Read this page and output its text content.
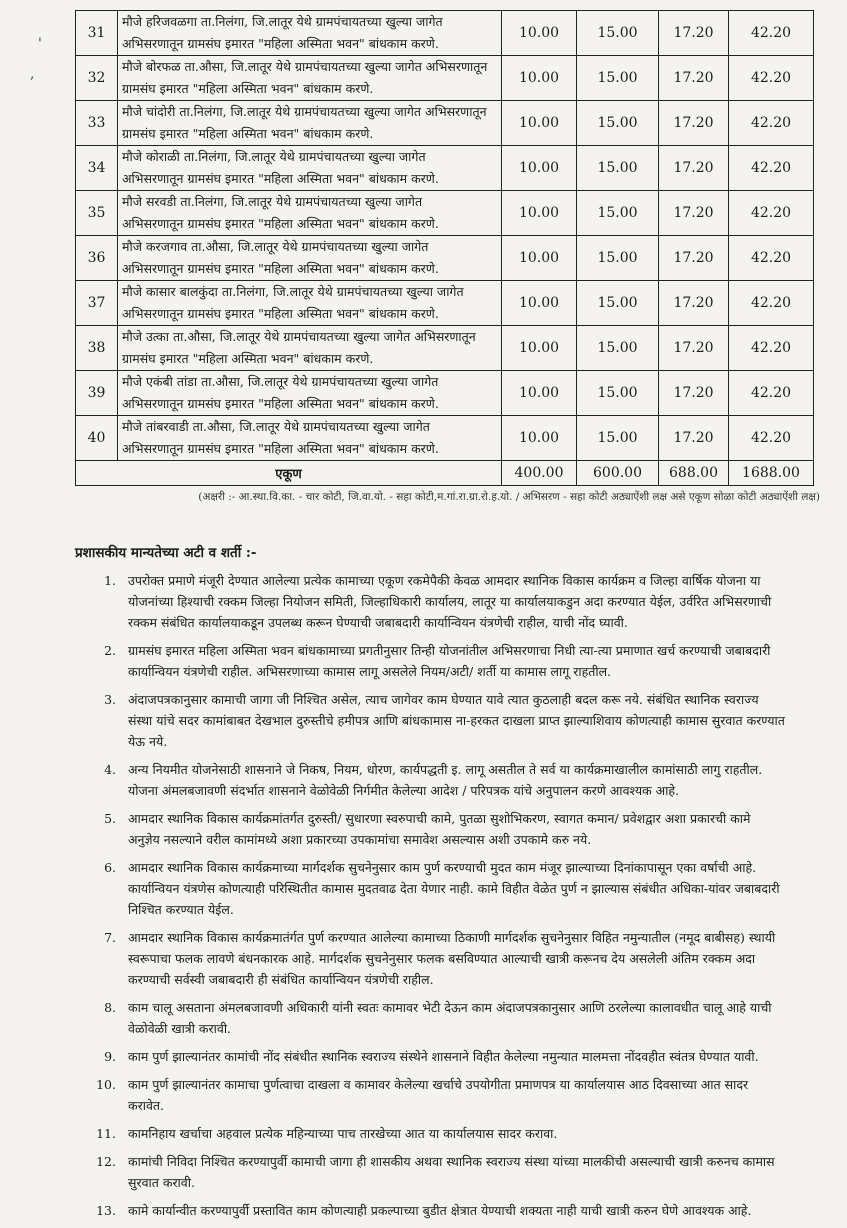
'
,
31	मौजे हरिजवळगा ता.निलंगा, जि.लातूर येथे ग्रामपंचायतच्या खुल्या जागेत
अभिसरणातून ग्रामसंघ इमारत "महिला अस्मिता भवन" बांधकाम करणे.	10.00	15.00	17.20	42.20
32	मौजे बोरफळ ता.औसा, जि.लातूर येथे ग्रामपंचायतच्या खुल्या जागेत अभिसरणातून
ग्रामसंघ इमारत "महिला अस्मिता भवन" बांधकाम करणे.	10.00	15.00	17.20	42.20
33	मौजे चांदोरी ता.निलंगा, जि.लातूर येथे ग्रामपंचायतच्या खुल्या जागेत अभिसरणातून
ग्रामसंघ इमारत "महिला अस्मिता भवन" बांधकाम करणे.	10.00	15.00	17.20	42.20
34	मौजे कोराळी ता.निलंगा, जि.लातूर येथे ग्रामपंचायतच्या खुल्या जागेत
अभिसरणातून ग्रामसंघ इमारत "महिला अस्मिता भवन" बांधकाम करणे.	10.00	15.00	17.20	42.20
35	मौजे सरवडी ता.निलंगा, जि.लातूर येथे ग्रामपंचायतच्या खुल्या जागेत
अभिसरणातून ग्रामसंघ इमारत "महिला अस्मिता भवन" बांधकाम करणे.	10.00	15.00	17.20	42.20
36	मौजे करजगाव ता.औसा, जि.लातूर येथे ग्रामपंचायतच्या खुल्या जागेत
अभिसरणातून ग्रामसंघ इमारत "महिला अस्मिता भवन" बांधकाम करणे.	10.00	15.00	17.20	42.20
37	मौजे कासार बालकुंदा ता.निलंगा, जि.लातूर येथे ग्रामपंचायतच्या खुल्या जागेत
अभिसरणातून ग्रामसंघ इमारत "महिला अस्मिता भवन" बांधकाम करणे.	10.00	15.00	17.20	42.20
38	मौजे उत्का ता.औसा, जि.लातूर येथे ग्रामपंचायतच्या खुल्या जागेत अभिसरणातून
ग्रामसंघ इमारत "महिला अस्मिता भवन" बांधकाम करणे.	10.00	15.00	17.20	42.20
39	मौजे एकंबी तांडा ता.औसा, जि.लातूर येथे ग्रामपंचायतच्या खुल्या जागेत
अभिसरणातून ग्रामसंघ इमारत "महिला अस्मिता भवन" बांधकाम करणे.	10.00	15.00	17.20	42.20
40	मौजे तांबरवाडी ता.औसा, जि.लातूर येथे ग्रामपंचायतच्या खुल्या जागेत
अभिसरणातून ग्रामसंघ इमारत "महिला अस्मिता भवन" बांधकाम करणे.	10.00	15.00	17.20	42.20
एकूण		400.00	600.00	688.00	1688.00
(अक्षरी :- आ.स्था.वि.का. - चार कोटी, जि.वा.यो. - सहा कोटी,म.गां.रा.ग्रा.रो.ह.यो. / अभिसरण - सहा कोटी अठ्याऐंशी लक्ष असे एकूण सोळा कोटी अठ्याऐंशी लक्ष)
प्रशासकीय मान्यतेच्या अटी व शर्ती :-
1. उपरोक्त प्रमाणे मंजूरी देण्यात आलेल्या प्रत्येक कामाच्या एकूण रकमेपैकी केवळ आमदार स्थानिक विकास कार्यक्रम व जिल्हा वार्षिक योजना या
योजनांच्या हिश्याची रक्कम जिल्हा नियोजन समिती, जिल्हाधिकारी कार्यालय, लातूर या कार्यालयाकडुन अदा करण्यात येईल, उर्वरित अभिसरणाची
रक्कम संबंधित कार्यालयाकडून उपलब्ध करून घेण्याची जबाबदारी कार्यान्वियन यंत्रणेची राहील, याची नोंद घ्यावी.
2. ग्रामसंघ इमारत महिला अस्मिता भवन बांधकामाच्या प्रगतीनुसार तिन्ही योजनांतील अभिसरणाचा निधी त्या-त्या प्रमाणात खर्च करण्याची जबाबदारी
कार्यान्वियन यंत्रणेची राहील. अभिसरणाच्या कामास लागू असलेले नियम/अटी/ शर्ती या कामास लागू राहतील.
3. अंदाजपत्रकानुसार कामाची जागा जी निश्चित असेल, त्याच जागेवर काम घेण्यात यावे त्यात कुठलाही बदल करू नये. संबंधित स्थानिक स्वराज्य
संस्था यांचे सदर कामांबाबत देखभाल दुरुस्तीचे हमीपत्र आणि बांधकामास ना-हरकत दाखला प्राप्त झाल्याशिवाय कोणत्याही कामास सुरवात करण्यात
येऊ नये.
4. अन्य नियमीत योजनेसाठी शासनाने जे निकष, नियम, धोरण, कार्यपद्धती इ. लागू असतील ते सर्व या कार्यक्रमाखालील कामांसाठी लागु राहतील.
योजना अंमलबजावणी संदर्भात शासनाने वेळोवेळी निर्गमीत केलेल्या आदेश / परिपत्रक यांचे अनुपालन करणे आवश्यक आहे.
5. आमदार स्थानिक विकास कार्यक्रमांतर्गत दुरुस्ती/ सुधारणा स्वरुपाची कामे, पुतळा सुशोभिकरण, स्वागत कमान/ प्रवेशद्वार अशा प्रकारची कामे
अनुज्ञेय नसल्याने वरील कामांमध्ये अशा प्रकारच्या उपकामांचा समावेश असल्यास अशी उपकामे करु नये.
6. आमदार स्थानिक विकास कार्यक्रमाच्या मार्गदर्शक सुचनेनुसार काम पुर्ण करण्याची मुदत काम मंजूर झाल्याच्या दिनांकापासून एका वर्षाची आहे.
कार्यान्वियन यंत्रणेस कोणत्याही परिस्थितीत कामास मुदतवाढ देता येणार नाही. कामे विहीत वेळेत पुर्ण न झाल्यास संबंधीत अधिका-यांवर जबाबदारी
निश्चित करण्यात येईल.
7. आमदार स्थानिक विकास कार्यक्रमातंर्गत पुर्ण करण्यात आलेल्या कामाच्या ठिकाणी मार्गदर्शक सुचनेनुसार विहित नमुन्यातील (नमूद बाबीसह) स्थायी
स्वरूपाचा फलक लावणे बंधनकारक आहे. मार्गदर्शक सुचनेनुसार फलक बसविण्यात आल्याची खात्री करूनच देय असलेली अंतिम रक्कम अदा
करण्याची सर्वस्वी जबाबदारी ही संबंधित कार्यान्वियन यंत्रणेची राहील.
8. काम चालू असताना अंमलबजावणी अधिकारी यांनी स्वतः कामावर भेटी देऊन काम अंदाजपत्रकानुसार आणि ठरलेल्या कालावधीत चालू आहे याची
वेळोवेळी खात्री करावी.
9. काम पुर्ण झाल्यानंतर कामांची नोंद संबंधीत स्थानिक स्वराज्य संस्थेने शासनाने विहीत केलेल्या नमुन्यात मालमत्ता नोंदवहीत स्वंतत्र घेण्यात यावी.
10. काम पुर्ण झाल्यानंतर कामाचा पुर्णत्वाचा दाखला व कामावर केलेल्या खर्चाचे उपयोगीता प्रमाणपत्र या कार्यालयास आठ दिवसाच्या आत सादर
करावेत.
11. कामनिहाय खर्चाचा अहवाल प्रत्येक महिन्याच्या पाच तारखेच्या आत या कार्यालयास सादर करावा.
12. कामांची निविदा निश्चित करण्यापुर्वी कामाची जागा ही शासकीय अथवा स्थानिक स्वराज्य संस्था यांच्या मालकीची असल्याची खात्री करुनच कामास
सुरवात करावी.
13. कामे कार्यान्वीत करण्यापुर्वी प्रस्तावित काम कोणत्याही प्रकल्पाच्या बुडीत क्षेत्रात येण्याची शक्यता नाही याची खात्री करुन घेणे आवश्यक आहे.
